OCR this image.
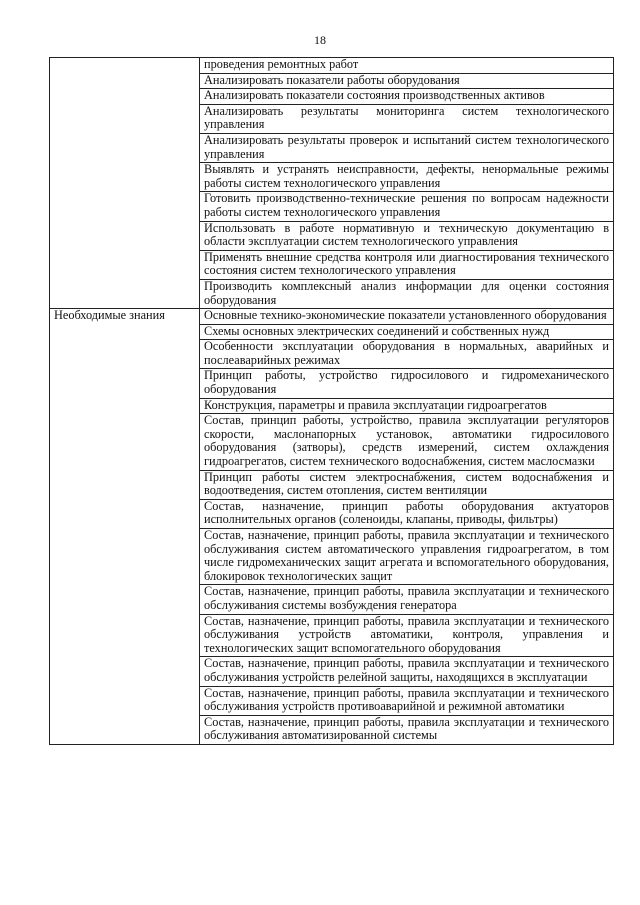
18
	проведения ремонтных работ
	Анализировать показатели работы оборудования
	Анализировать показатели состояния производственных активов
	Анализировать результаты мониторинга систем технологического управления
	Анализировать результаты проверок и испытаний систем технологического управления
	Выявлять и устранять неисправности, дефекты, ненормальные режимы работы систем технологического управления
	Готовить производственно-технические решения по вопросам надежности работы систем технологического управления
	Использовать в работе нормативную и техническую документацию в области эксплуатации систем технологического управления
	Применять внешние средства контроля или диагностирования технического состояния систем технологического управления
	Производить комплексный анализ информации для оценки состояния оборудования
Необходимые знания	Основные технико-экономические показатели установленного оборудования
	Схемы основных электрических соединений и собственных нужд
	Особенности эксплуатации оборудования в нормальных, аварийных и послеаварийных режимах
	Принцип работы, устройство гидросилового и гидромеханического оборудования
	Конструкция, параметры и правила эксплуатации гидроагрегатов
	Состав, принцип работы, устройство, правила эксплуатации регуляторов скорости, маслонапорных установок, автоматики гидросилового оборудования (затворы), средств измерений, систем охлаждения гидроагрегатов, систем технического водоснабжения, систем маслосмазки
	Принцип работы систем электроснабжения, систем водоснабжения и водоотведения, систем отопления, систем вентиляции
	Состав, назначение, принцип работы оборудования актуаторов исполнительных органов (соленоиды, клапаны, приводы, фильтры)
	Состав, назначение, принцип работы, правила эксплуатации и технического обслуживания систем автоматического управления гидроагрегатом, в том числе гидромеханических защит агрегата и вспомогательного оборудования, блокировок технологических защит
	Состав, назначение, принцип работы, правила эксплуатации и технического обслуживания системы возбуждения генератора
	Состав, назначение, принцип работы, правила эксплуатации и технического обслуживания устройств автоматики, контроля, управления и технологических защит вспомогательного оборудования
	Состав, назначение, принцип работы, правила эксплуатации и технического обслуживания устройств релейной защиты, находящихся в эксплуатации
	Состав, назначение, принцип работы, правила эксплуатации и технического обслуживания устройств противоаварийной и режимной автоматики
	Состав, назначение, принцип работы, правила эксплуатации и технического обслуживания автоматизированной системы
